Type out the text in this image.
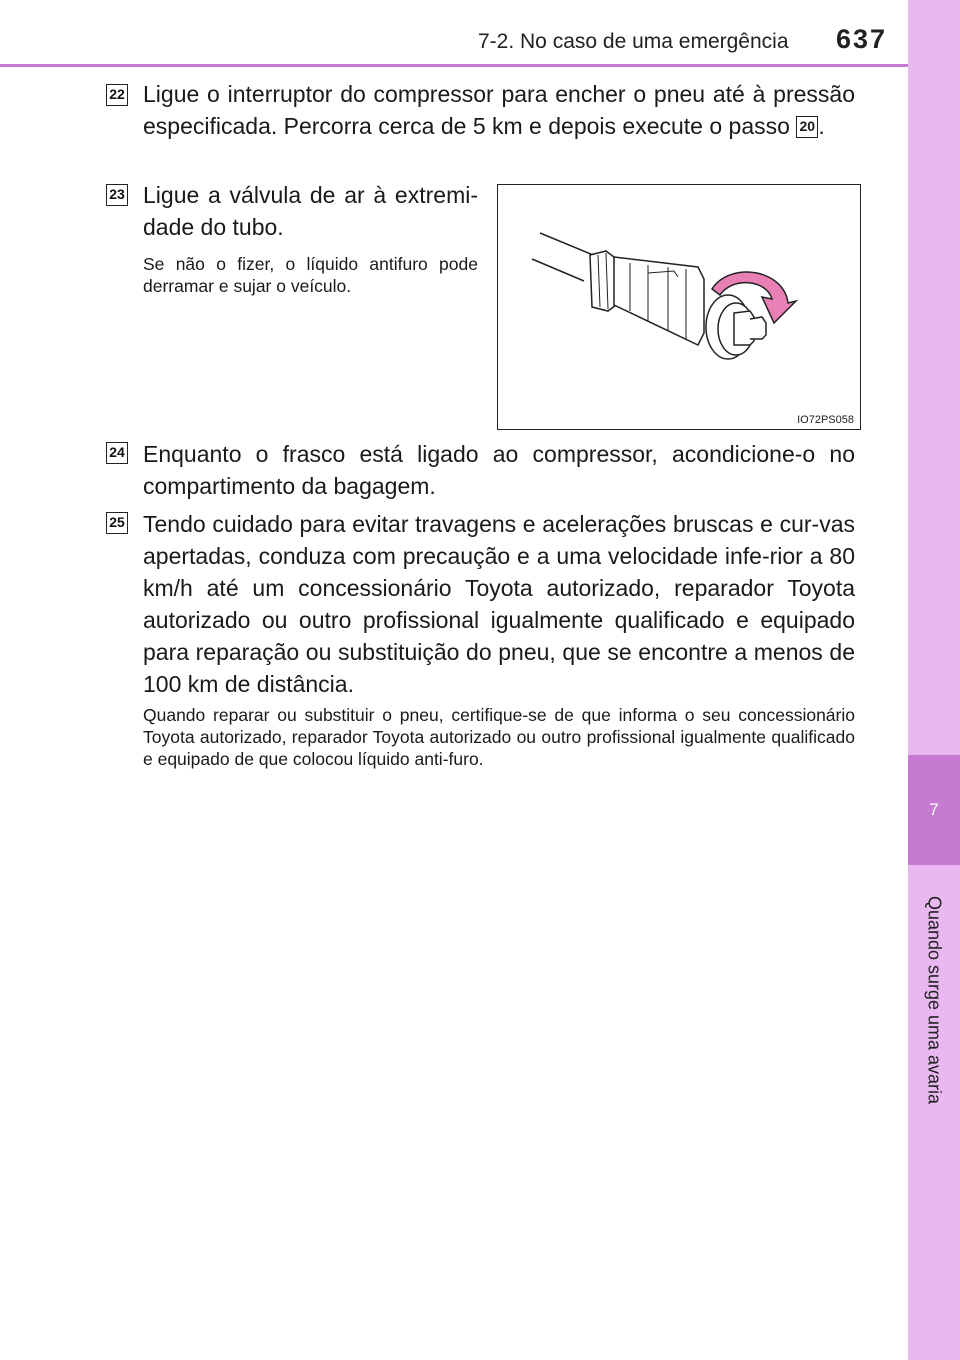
7-2. No caso de uma emergência 637
7
Quando surge uma avaria
22 Ligue o interruptor do compressor para encher o pneu até à pressão especificada. Percorra cerca de 5 km e depois execute o passo 20 .
23 Ligue a válvula de ar à extremi-dade do tubo.
Se não o fizer, o líquido antifuro pode derramar e sujar o veículo.
IO72PS058
24 Enquanto o frasco está ligado ao compressor, acondicione-o no compartimento da bagagem.
25 Tendo cuidado para evitar travagens e acelerações bruscas e cur-vas apertadas, conduza com precaução e a uma velocidade infe-rior a 80 km/h até um concessionário Toyota autorizado, reparador Toyota autorizado ou outro profissional igualmente qualificado e equipado para reparação ou substituição do pneu, que se encontre a menos de 100 km de distância.
Quando reparar ou substituir o pneu, certifique-se de que informa o seu concessionário Toyota autorizado, reparador Toyota autorizado ou outro profissional igualmente qualificado e equipado de que colocou líquido anti-furo.
